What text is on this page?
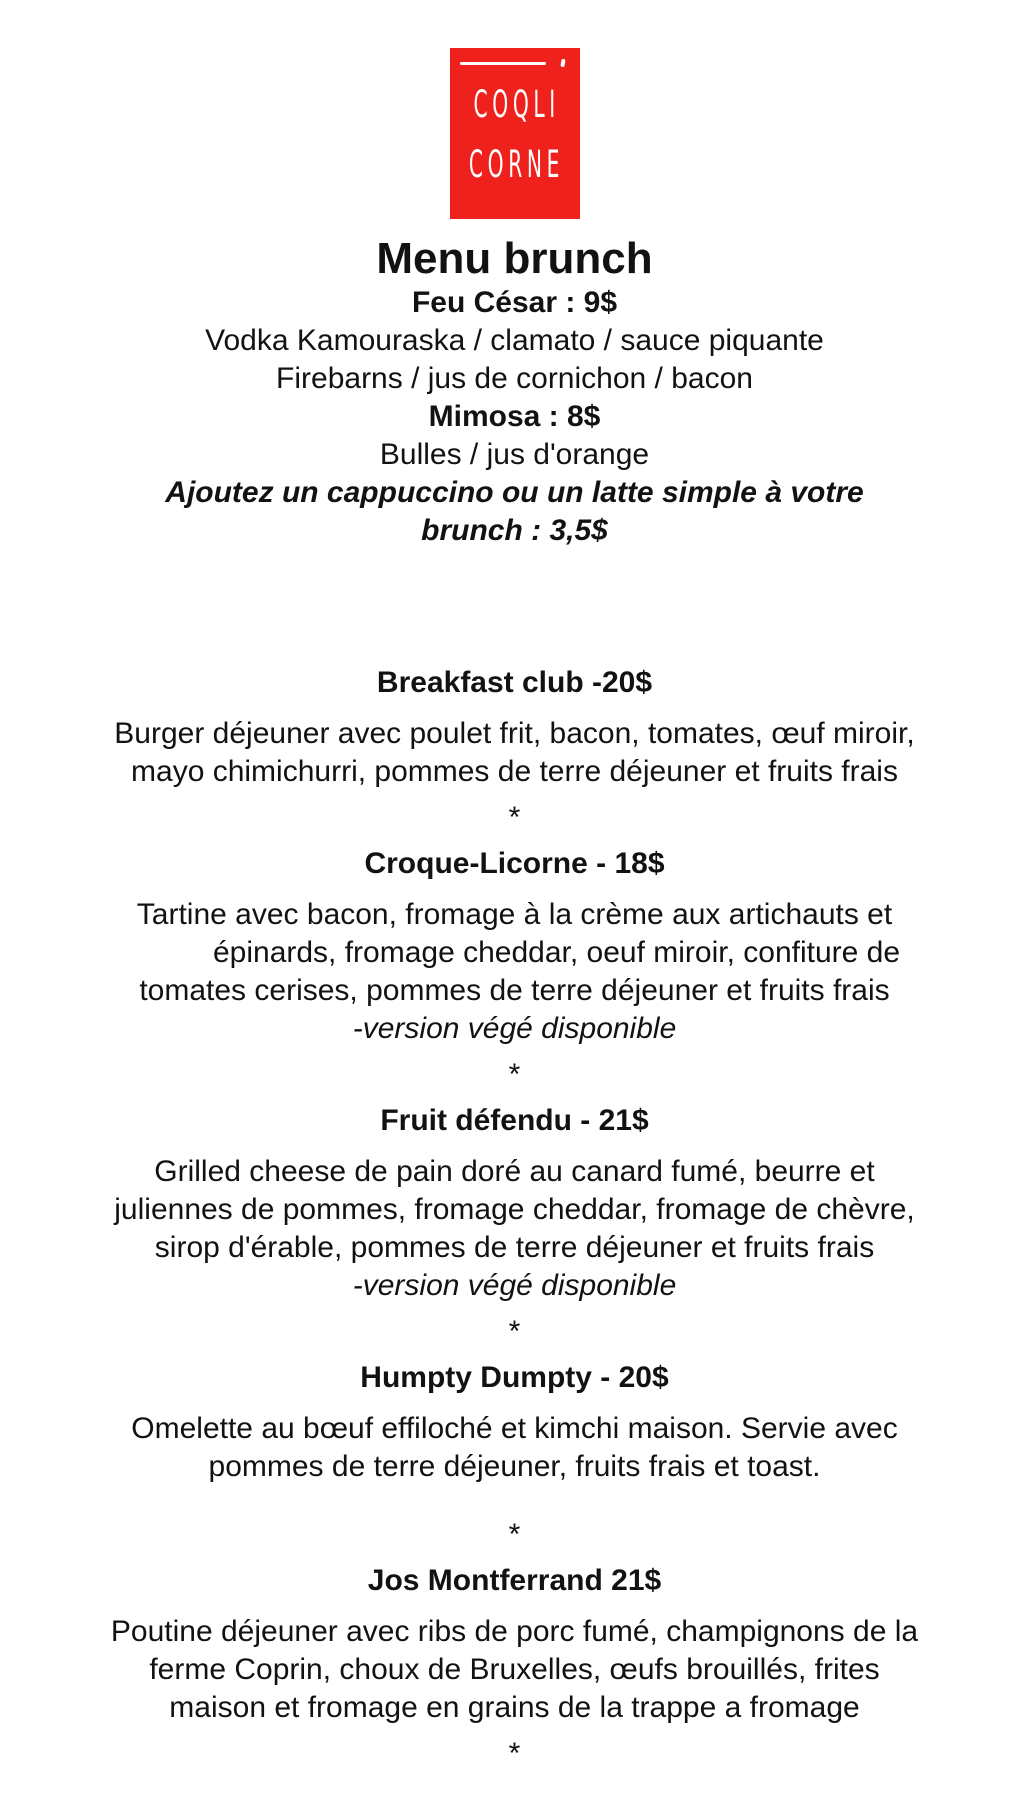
COQLI
CORNE
Menu brunch
Feu César : 9$
Vodka Kamouraska / clamato / sauce piquante
Firebarns / jus de cornichon / bacon
Mimosa : 8$
Bulles / jus d'orange
Ajoutez un cappuccino ou un latte simple à votre
brunch : 3,5$
Breakfast club -20$
Burger déjeuner avec poulet frit, bacon, tomates, œuf miroir,
mayo chimichurri, pommes de terre déjeuner et fruits frais
*
Croque-Licorne - 18$
Tartine avec bacon, fromage à la crème aux artichauts et
épinards, fromage cheddar, oeuf miroir, confiture de
tomates cerises, pommes de terre déjeuner et fruits frais
-version végé disponible
*
Fruit défendu - 21$
Grilled cheese de pain doré au canard fumé, beurre et
juliennes de pommes, fromage cheddar, fromage de chèvre,
sirop d'érable, pommes de terre déjeuner et fruits frais
-version végé disponible
*
Humpty Dumpty - 20$
Omelette au bœuf effiloché et kimchi maison. Servie avec
pommes de terre déjeuner, fruits frais et toast.
*
Jos Montferrand 21$
Poutine déjeuner avec ribs de porc fumé, champignons de la
ferme Coprin, choux de Bruxelles, œufs brouillés, frites
maison et fromage en grains de la trappe a fromage
*
